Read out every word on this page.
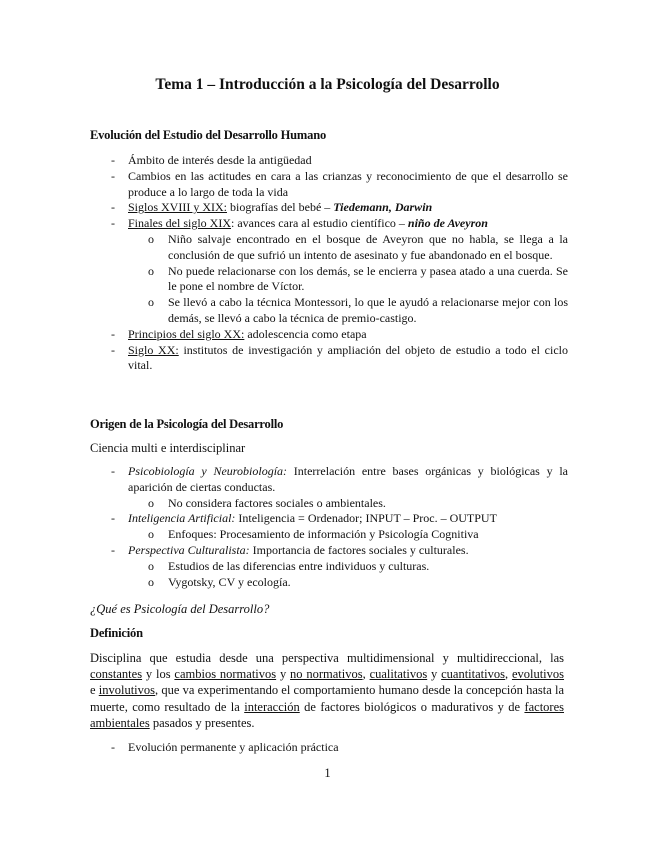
Tema 1 – Introducción a la Psicología del Desarrollo
Evolución del Estudio del Desarrollo Humano
- Ámbito de interés desde la antigüedad
- Cambios en las actitudes en cara a las crianzas y reconocimiento de que el desarrollo se produce a lo largo de toda la vida
- Siglos XVIII y XIX: biografías del bebé – Tiedemann, Darwin
- Finales del siglo XIX: avances cara al estudio científico – niño de Aveyron
o Niño salvaje encontrado en el bosque de Aveyron que no habla, se llega a la conclusión de que sufrió un intento de asesinato y fue abandonado en el bosque.
o No puede relacionarse con los demás, se le encierra y pasea atado a una cuerda. Se le pone el nombre de Víctor.
o Se llevó a cabo la técnica Montessori, lo que le ayudó a relacionarse mejor con los demás, se llevó a cabo la técnica de premio-castigo.
- Principios del siglo XX: adolescencia como etapa
- Siglo XX: institutos de investigación y ampliación del objeto de estudio a todo el ciclo vital.
Origen de la Psicología del Desarrollo
Ciencia multi e interdisciplinar
- Psicobiología y Neurobiología: Interrelación entre bases orgánicas y biológicas y la aparición de ciertas conductas.
o No considera factores sociales o ambientales.
- Inteligencia Artificial: Inteligencia = Ordenador; INPUT – Proc. – OUTPUT
o Enfoques: Procesamiento de información y Psicología Cognitiva
- Perspectiva Culturalista: Importancia de factores sociales y culturales.
o Estudios de las diferencias entre individuos y culturas.
o Vygotsky, CV y ecología.
¿Qué es Psicología del Desarrollo?
Definición
Disciplina que estudia desde una perspectiva multidimensional y multidireccional, las constantes y los cambios normativos y no normativos, cualitativos y cuantitativos, evolutivos e involutivos, que va experimentando el comportamiento humano desde la concepción hasta la muerte, como resultado de la interacción de factores biológicos o madurativos y de factores ambientales pasados y presentes.
- Evolución permanente y aplicación práctica
1
